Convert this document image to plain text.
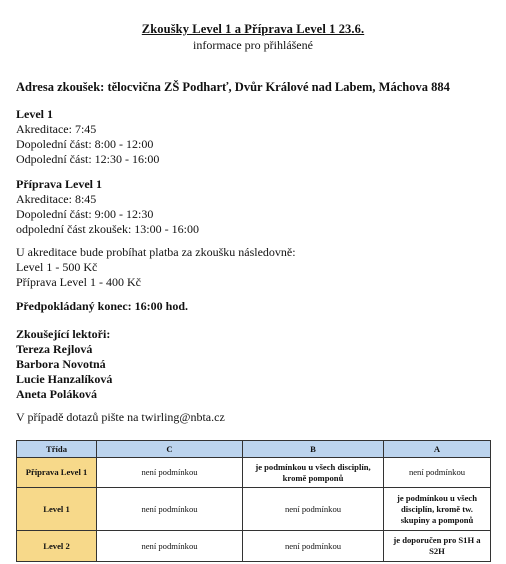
Zkoušky Level 1 a Příprava Level 1 23.6.
informace pro přihlášené
Adresa zkoušek: tělocvična ZŠ Podharť, Dvůr Králové nad Labem, Máchova 884
Level 1
Akreditace: 7:45
Dopolední část: 8:00 - 12:00
Odpolední část: 12:30 - 16:00
Příprava Level 1
Akreditace: 8:45
Dopolední část: 9:00 - 12:30
odpolední část zkoušek: 13:00 - 16:00
U akreditace bude probíhat platba za zkoušku následovně:
Level 1 - 500 Kč
Příprava Level 1 - 400 Kč
Předpokládaný konec: 16:00 hod.
Zkoušející lektoři:
Tereza Rejlová
Barbora Novotná
Lucie Hanzalíková
Aneta Poláková
V případě dotazů pište na twirling@nbta.cz
Třída	C	B	A
Příprava Level 1	není podmínkou	je podmínkou u všech disciplín, kromě pomponů	není podmínkou
Level 1	není podmínkou	není podmínkou	je podmínkou u všech disciplín, kromě tw. skupiny a pomponů
Level 2	není podmínkou	není podmínkou	je doporučen pro S1H a S2H
